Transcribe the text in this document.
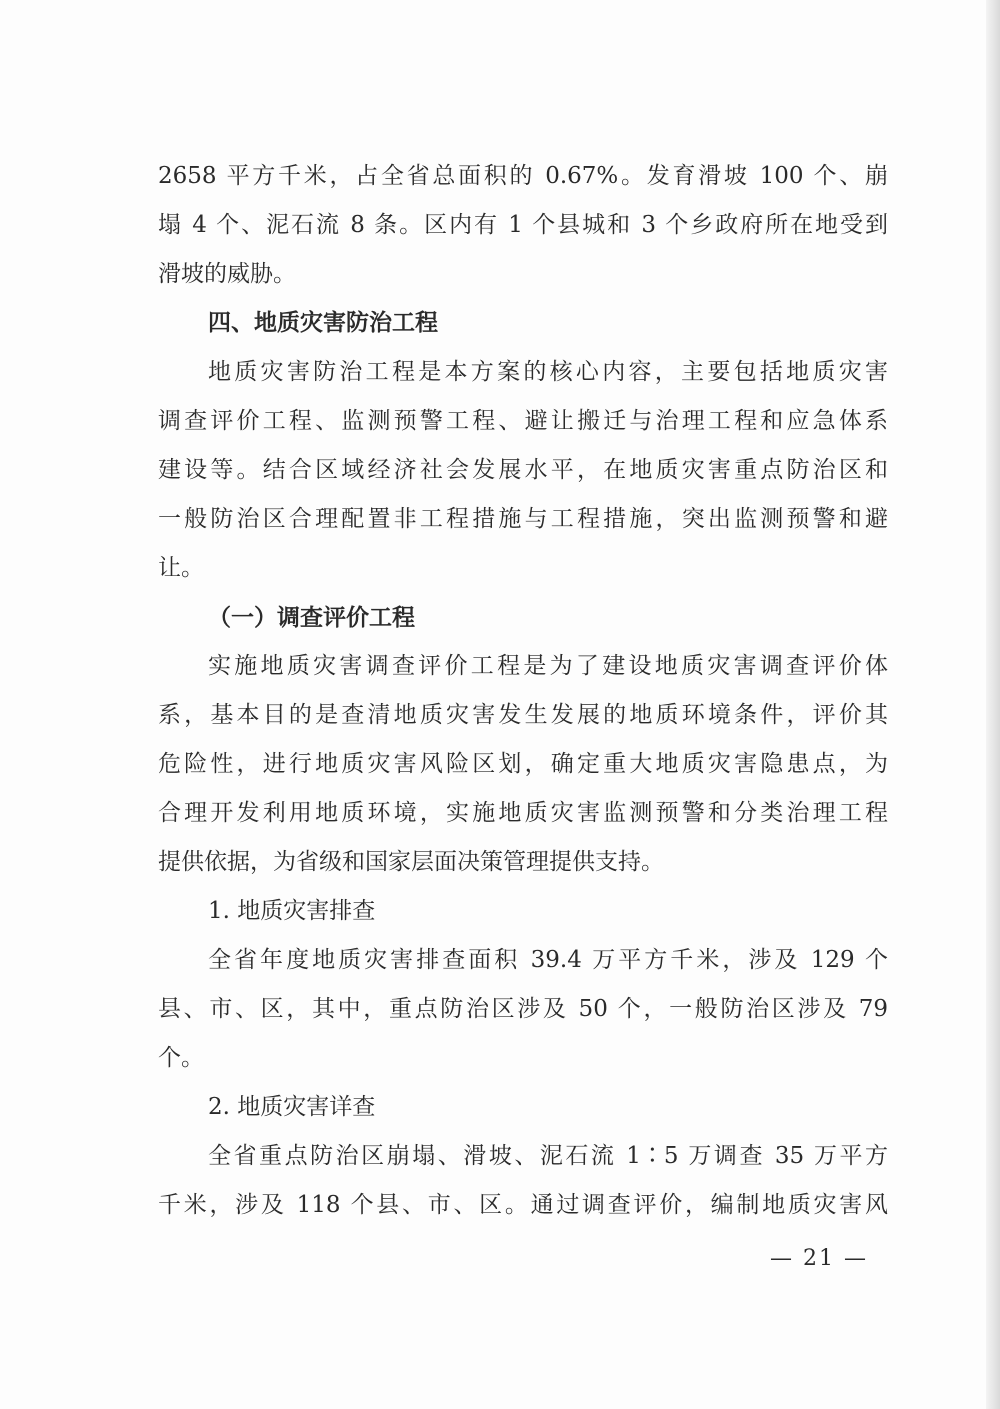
2658 平方千米，占全省总面积的 0.67%。发育滑坡 100 个、崩
塌 4 个、泥石流 8 条。区内有 1 个县城和 3 个乡政府所在地受到
滑坡的威胁。
四、地质灾害防治工程
地质灾害防治工程是本方案的核心内容，主要包括地质灾害
调查评价工程、监测预警工程、避让搬迁与治理工程和应急体系
建设等。结合区域经济社会发展水平，在地质灾害重点防治区和
一般防治区合理配置非工程措施与工程措施，突出监测预警和避
让。
（一）调查评价工程
实施地质灾害调查评价工程是为了建设地质灾害调查评价体
系，基本目的是查清地质灾害发生发展的地质环境条件，评价其
危险性，进行地质灾害风险区划，确定重大地质灾害隐患点，为
合理开发利用地质环境，实施地质灾害监测预警和分类治理工程
提供依据，为省级和国家层面决策管理提供支持。
1. 地质灾害排查
全省年度地质灾害排查面积 39.4 万平方千米，涉及 129 个
县、市、区，其中，重点防治区涉及 50 个，一般防治区涉及 79
个。
2. 地质灾害详查
全省重点防治区崩塌、滑坡、泥石流 1∶5 万调查 35 万平方
千米，涉及 118 个县、市、区。通过调查评价，编制地质灾害风
— 21 —
